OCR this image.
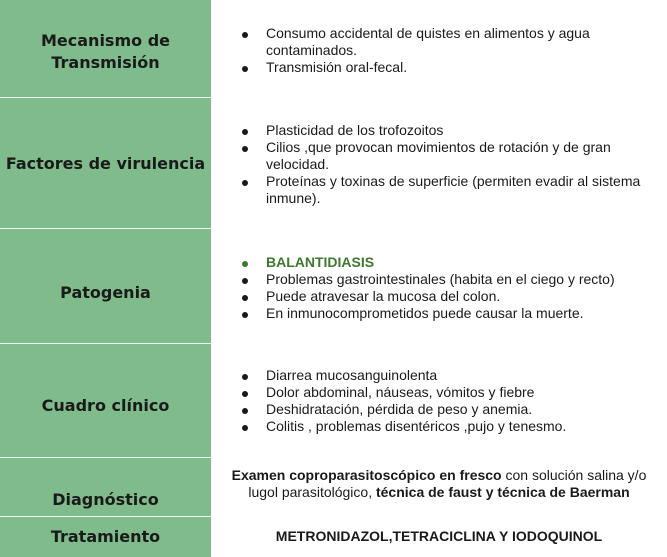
Mecanismo de Transmisión
Consumo accidental de quistes en alimentos y agua contaminados.
Transmisión oral-fecal.
Factores de virulencia
Plasticidad de los trofozoitos
Cilios ,que provocan movimientos de rotación y de gran velocidad.
Proteínas y toxinas de superficie (permiten evadir al sistema inmune).
Patogenia
BALANTIDIASIS
Problemas gastrointestinales (habita en el ciego y recto)
Puede atravesar la mucosa del colon.
En inmunocomprometidos puede causar la muerte.
Cuadro clínico
Diarrea mucosanguinolenta
Dolor abdominal, náuseas, vómitos y fiebre
Deshidratación, pérdida de peso y anemia.
Colitis , problemas disentéricos ,pujo y tenesmo.
Diagnóstico
Examen coproparasitoscópico en fresco con solución salina y/o lugol parasitológico, técnica de faust y técnica de Baerman
Tratamiento	METRONIDAZOL,TETRACICLINA Y IODOQUINOL
